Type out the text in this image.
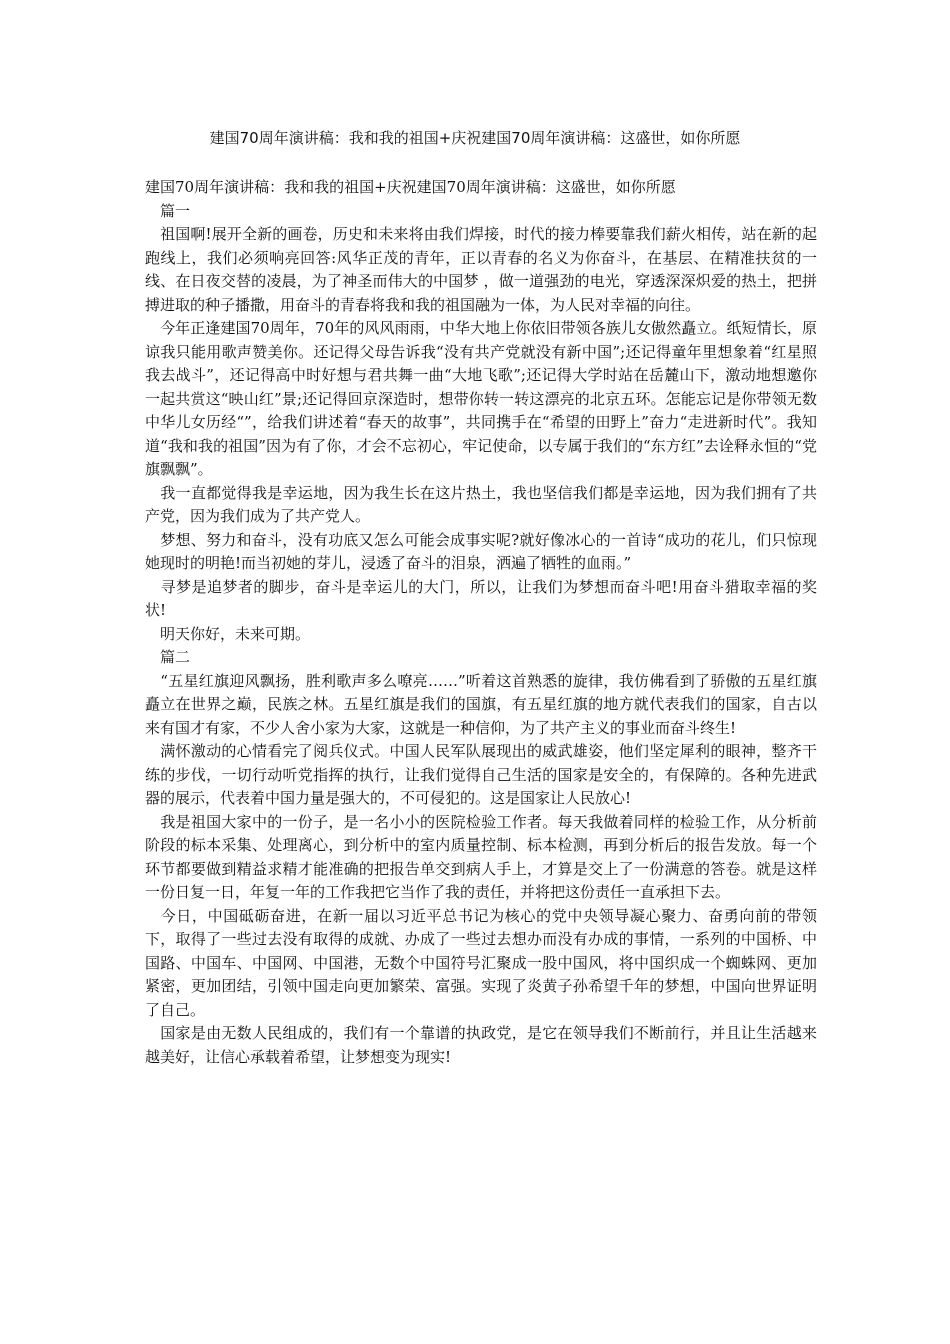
建国70周年演讲稿：我和我的祖国+庆祝建国70周年演讲稿：这盛世，如你所愿

建国70周年演讲稿：我和我的祖国+庆祝建国70周年演讲稿：这盛世，如你所愿

　篇一

　祖国啊!展开全新的画卷，历史和未来将由我们焊接，时代的接力棒要靠我们薪火相传，站在新的起跑线上，我们必须响亮回答:风华正茂的青年，正以青春的名义为你奋斗，在基层、在精准扶贫的一线、在日夜交替的凌晨，为了神圣而伟大的中国梦 ，做一道强劲的电光，穿透深深炽爱的热土，把拼搏进取的种子播撒，用奋斗的青春将我和我的祖国融为一体，为人民对幸福的向往。

　今年正逢建国70周年，70年的风风雨雨，中华大地上你依旧带领各族儿女傲然矗立。纸短情长，原谅我只能用歌声赞美你。还记得父母告诉我“没有共产党就没有新中国”;还记得童年里想象着“红星照我去战斗”，还记得高中时好想与君共舞一曲“大地飞歌”;还记得大学时站在岳麓山下，激动地想邀你一起共赏这“映山红”景;还记得回京深造时，想带你转一转这漂亮的北京五环。怎能忘记是你带领无数中华儿女历经“”，给我们讲述着“春天的故事”，共同携手在“希望的田野上”奋力“走进新时代”。我知道“我和我的祖国”因为有了你，才会不忘初心，牢记使命，以专属于我们的“东方红”去诠释永恒的“党旗飘飘”。

　我一直都觉得我是幸运地，因为我生长在这片热土，我也坚信我们都是幸运地，因为我们拥有了共产党，因为我们成为了共产党人。

　梦想、努力和奋斗，没有功底又怎么可能会成事实呢?就好像冰心的一首诗“成功的花儿，们只惊现她现时的明艳!而当初她的芽儿，浸透了奋斗的泪泉，洒遍了牺牲的血雨。”

　寻梦是追梦者的脚步，奋斗是幸运儿的大门，所以，让我们为梦想而奋斗吧!用奋斗猎取幸福的奖状!

　明天你好，未来可期。

　篇二

　“五星红旗迎风飘扬，胜利歌声多么嘹亮……”听着这首熟悉的旋律，我仿佛看到了骄傲的五星红旗矗立在世界之巅，民族之林。五星红旗是我们的国旗，有五星红旗的地方就代表我们的国家，自古以来有国才有家，不少人舍小家为大家，这就是一种信仰，为了共产主义的事业而奋斗终生!

　满怀激动的心情看完了阅兵仪式。中国人民军队展现出的威武雄姿，他们坚定犀利的眼神，整齐干练的步伐，一切行动听党指挥的执行，让我们觉得自己生活的国家是安全的，有保障的。各种先进武器的展示，代表着中国力量是强大的，不可侵犯的。这是国家让人民放心!

　我是祖国大家中的一份子，是一名小小的医院检验工作者。每天我做着同样的检验工作，从分析前阶段的标本采集、处理离心，到分析中的室内质量控制、标本检测，再到分析后的报告发放。每一个环节都要做到精益求精才能准确的把报告单交到病人手上，才算是交上了一份满意的答卷。就是这样一份日复一日，年复一年的工作我把它当作了我的责任，并将把这份责任一直承担下去。

　今日，中国砥砺奋进，在新一届以习近平总书记为核心的党中央领导凝心聚力、奋勇向前的带领下，取得了一些过去没有取得的成就、办成了一些过去想办而没有办成的事情，一系列的中国桥、中国路、中国车、中国网、中国港，无数个中国符号汇聚成一股中国风，将中国织成一个蜘蛛网、更加紧密，更加团结，引领中国走向更加繁荣、富强。实现了炎黄子孙希望千年的梦想，中国向世界证明了自己。

　国家是由无数人民组成的，我们有一个靠谱的执政党，是它在领导我们不断前行，并且让生活越来越美好，让信心承载着希望，让梦想变为现实!
